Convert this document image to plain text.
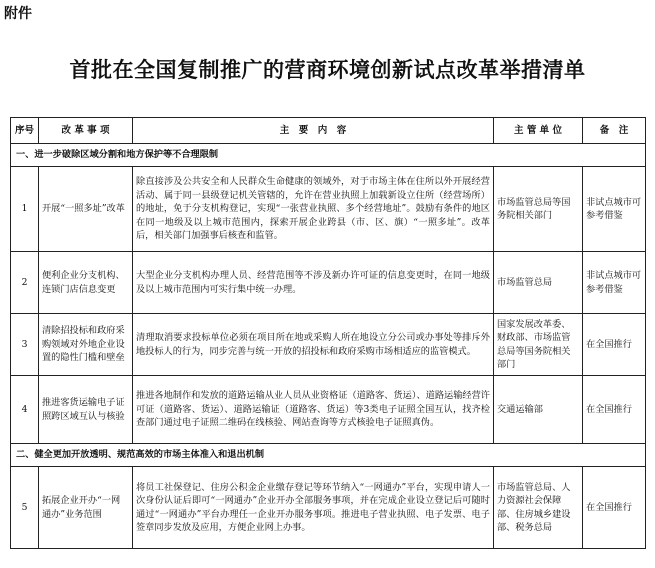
附件
首批在全国复制推广的营商环境创新试点改革举措清单
序号	改 革 事 项	主　要　内　容	主 管 单 位	备　注
一、进一步破除区域分割和地方保护等不合理限制				
1	开展“一照多址”改革	除直接涉及公共安全和人民群众生命健康的领域外，对于市场主体在住所以外开展经营活动、属于同一县级登记机关管辖的，允许在营业执照上加载新设立住所（经营场所）的地址，免于分支机构登记，实现“一张营业执照、多个经营地址”。鼓励有条件的地区在同一地级及以上城市范围内，探索开展企业跨县（市、区、旗）“一照多址”。改革后，相关部门加强事后核查和监管。	市场监管总局等国务院相关部门	非试点城市可参考借鉴
2	便利企业分支机构、连锁门店信息变更	大型企业分支机构办理人员、经营范围等不涉及新办许可证的信息变更时，在同一地级及以上城市范围内可实行集中统一办理。	市场监管总局	非试点城市可参考借鉴
3	清除招投标和政府采购领域对外地企业设置的隐性门槛和壁垒	清理取消要求投标单位必须在项目所在地或采购人所在地设立分公司或办事处等排斥外地投标人的行为，同步完善与统一开放的招投标和政府采购市场相适应的监管模式。	国家发展改革委、财政部、市场监管总局等国务院相关部门	在全国推行
4	推进客货运输电子证照跨区域互认与核验	推进各地制作和发放的道路运输从业人员从业资格证（道路客、货运）、道路运输经营许可证（道路客、货运）、道路运输证（道路客、货运）等3类电子证照全国互认，找齐检查部门通过电子证照二维码在线核验、网站查询等方式核验电子证照真伪。	交通运输部	在全国推行
二、健全更加开放透明、规范高效的市场主体准入和退出机制				
5	拓展企业开办“一网通办”业务范围	将员工社保登记、住房公积金企业缴存登记等环节纳入“一网通办”平台，实现申请人一次身份认证后即可“一网通办”企业开办全部服务事项，并在完成企业设立登记后可随时通过“一网通办”平台办理任一企业开办服务事项。推进电子营业执照、电子发票、电子签章同步发放及应用，方便企业网上办事。	市场监管总局、人力资源社会保障部、住房城乡建设部、税务总局	在全国推行
